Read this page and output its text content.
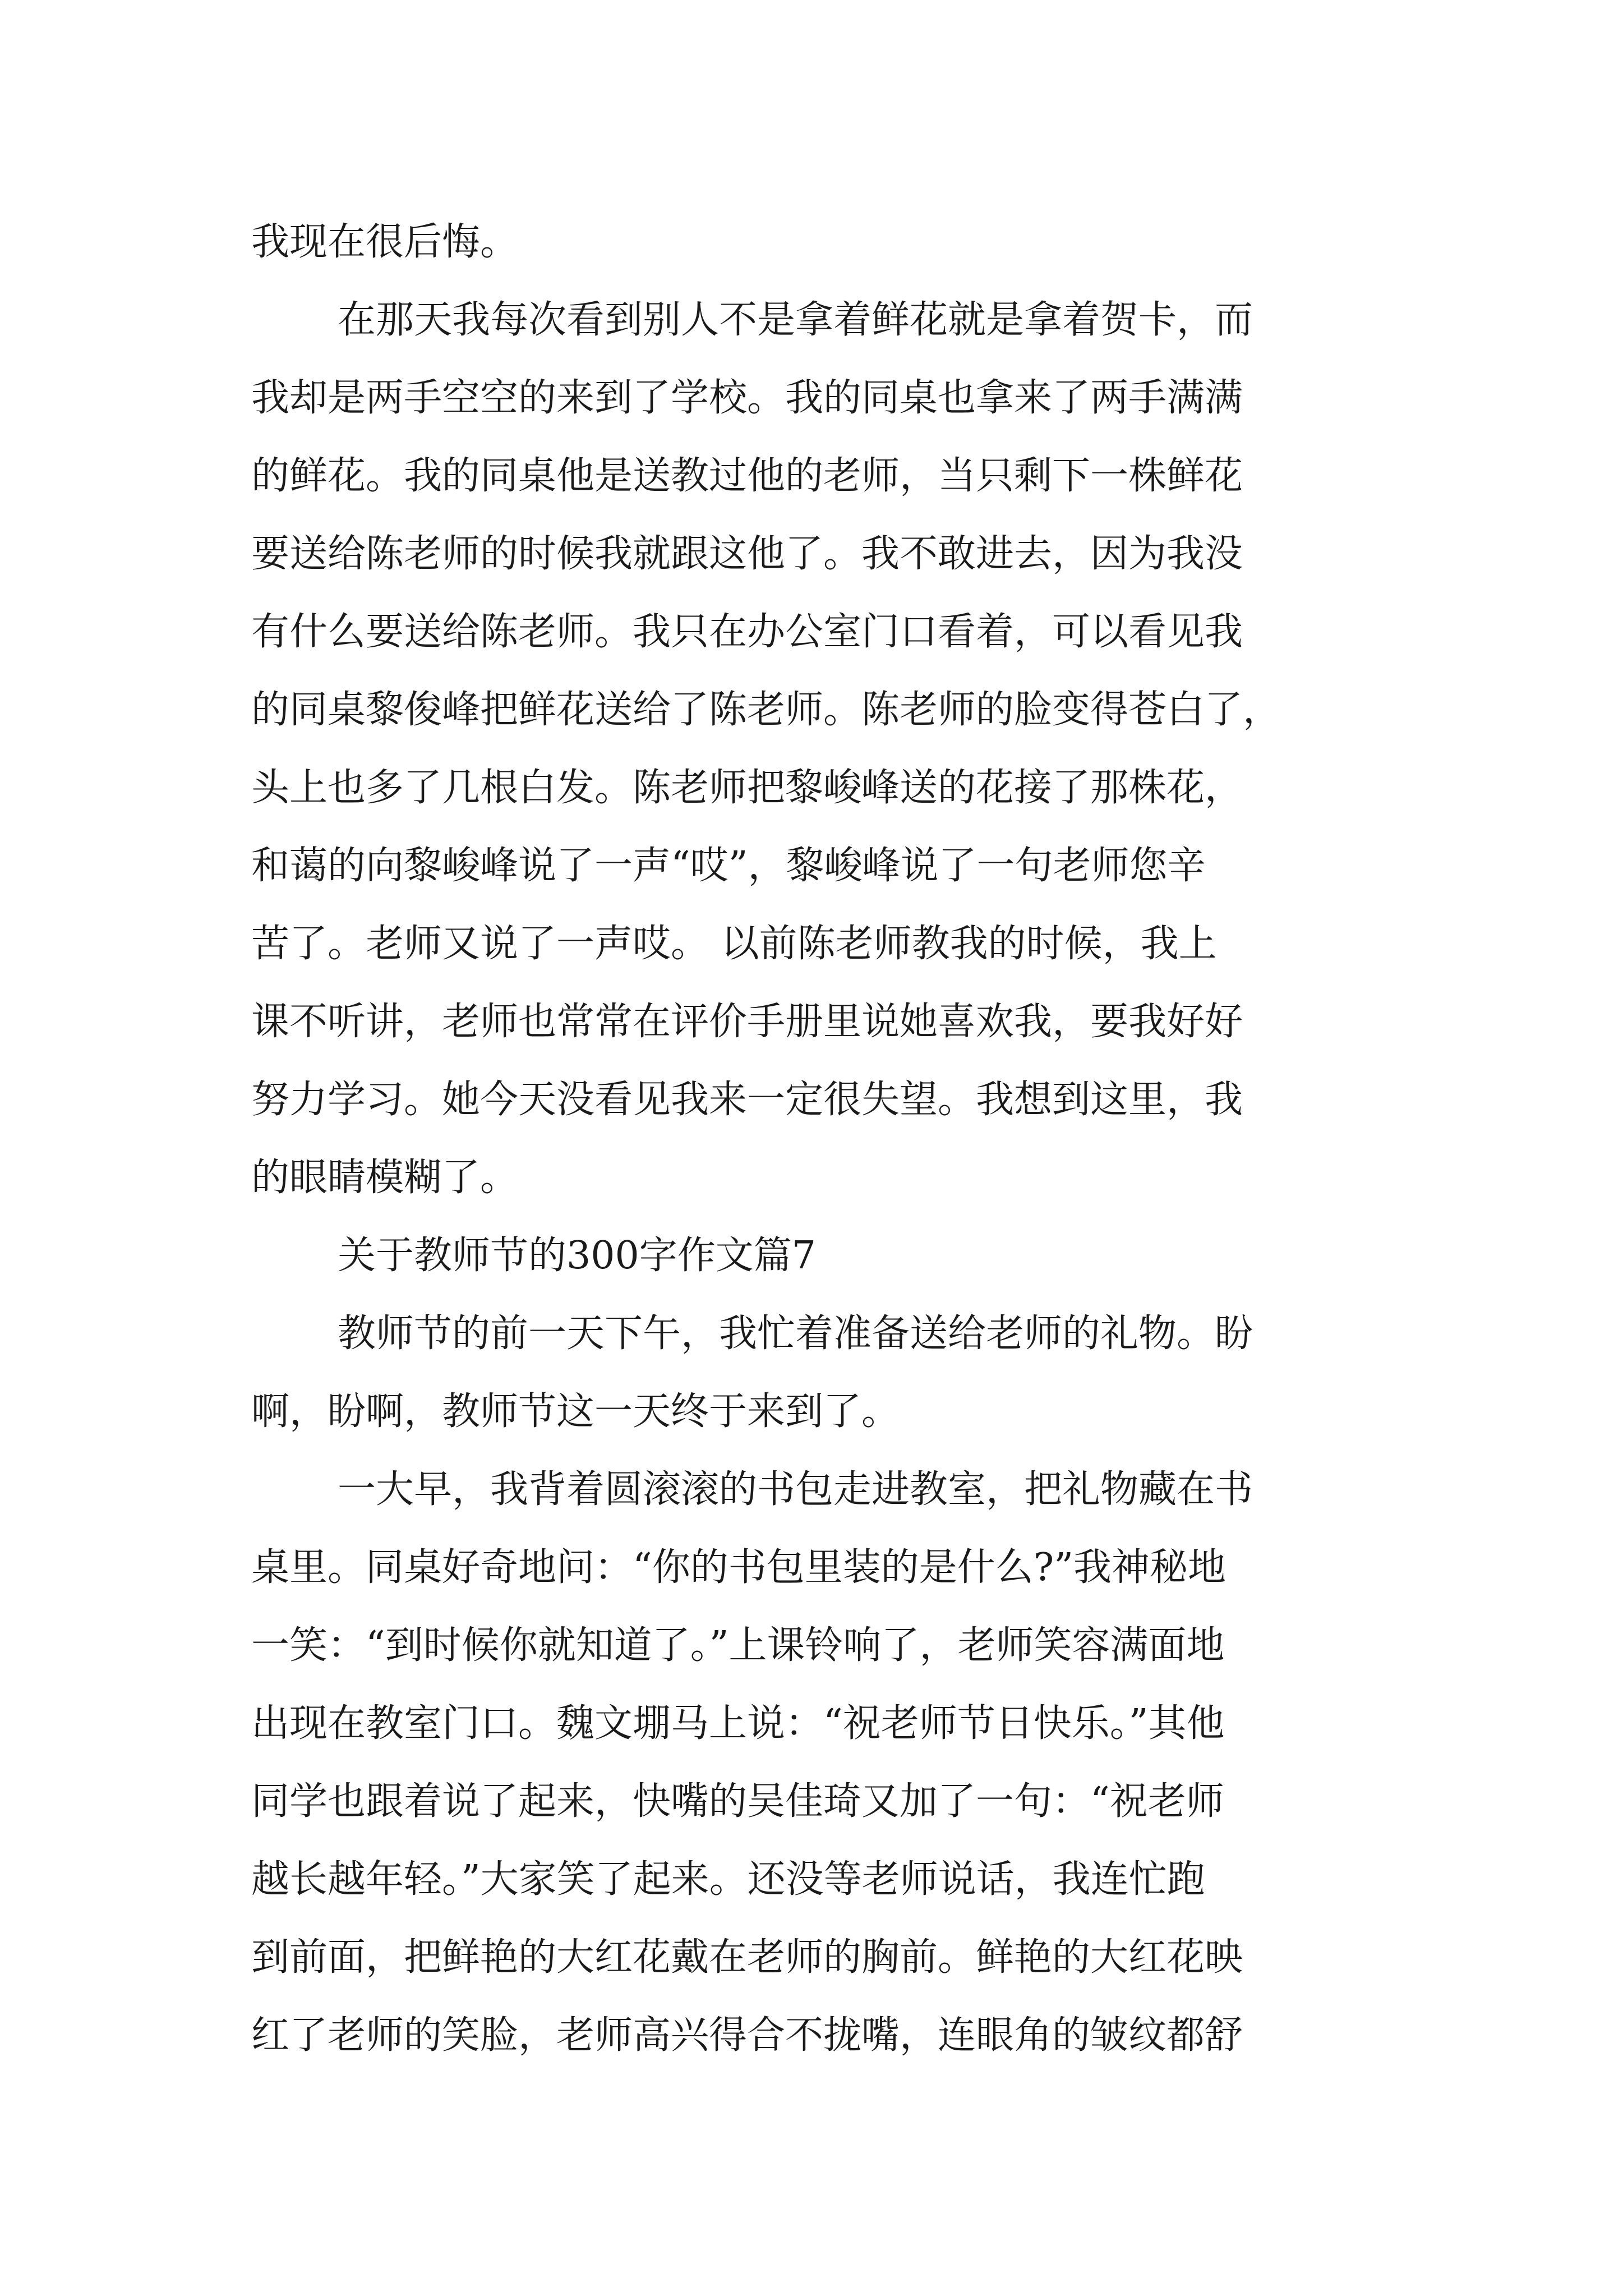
我现在很后悔。
在那天我每次看到别人不是拿着鲜花就是拿着贺卡，而
我却是两手空空的来到了学校。我的同桌也拿来了两手满满
的鲜花。我的同桌他是送教过他的老师，当只剩下一株鲜花
要送给陈老师的时候我就跟这他了。我不敢进去，因为我没
有什么要送给陈老师。我只在办公室门口看着，可以看见我
的同桌黎俊峰把鲜花送给了陈老师。陈老师的脸变得苍白了，
头上也多了几根白发。陈老师把黎峻峰送的花接了那株花，
和蔼的向黎峻峰说了一声“哎”，黎峻峰说了一句老师您辛
苦了。老师又说了一声哎。 以前陈老师教我的时候，我上
课不听讲，老师也常常在评价手册里说她喜欢我，要我好好
努力学习。她今天没看见我来一定很失望。我想到这里，我
的眼睛模糊了。
关于教师节的300字作文篇7
教师节的前一天下午，我忙着准备送给老师的礼物。盼
啊，盼啊，教师节这一天终于来到了。
一大早，我背着圆滚滚的书包走进教室，把礼物藏在书
桌里。同桌好奇地问：“你的书包里装的是什么?”我神秘地
一笑：“到时候你就知道了。”上课铃响了，老师笑容满面地
出现在教室门口。魏文堋马上说：“祝老师节日快乐。”其他
同学也跟着说了起来，快嘴的吴佳琦又加了一句：“祝老师
越长越年轻。”大家笑了起来。还没等老师说话，我连忙跑
到前面，把鲜艳的大红花戴在老师的胸前。鲜艳的大红花映
红了老师的笑脸，老师高兴得合不拢嘴，连眼角的皱纹都舒
